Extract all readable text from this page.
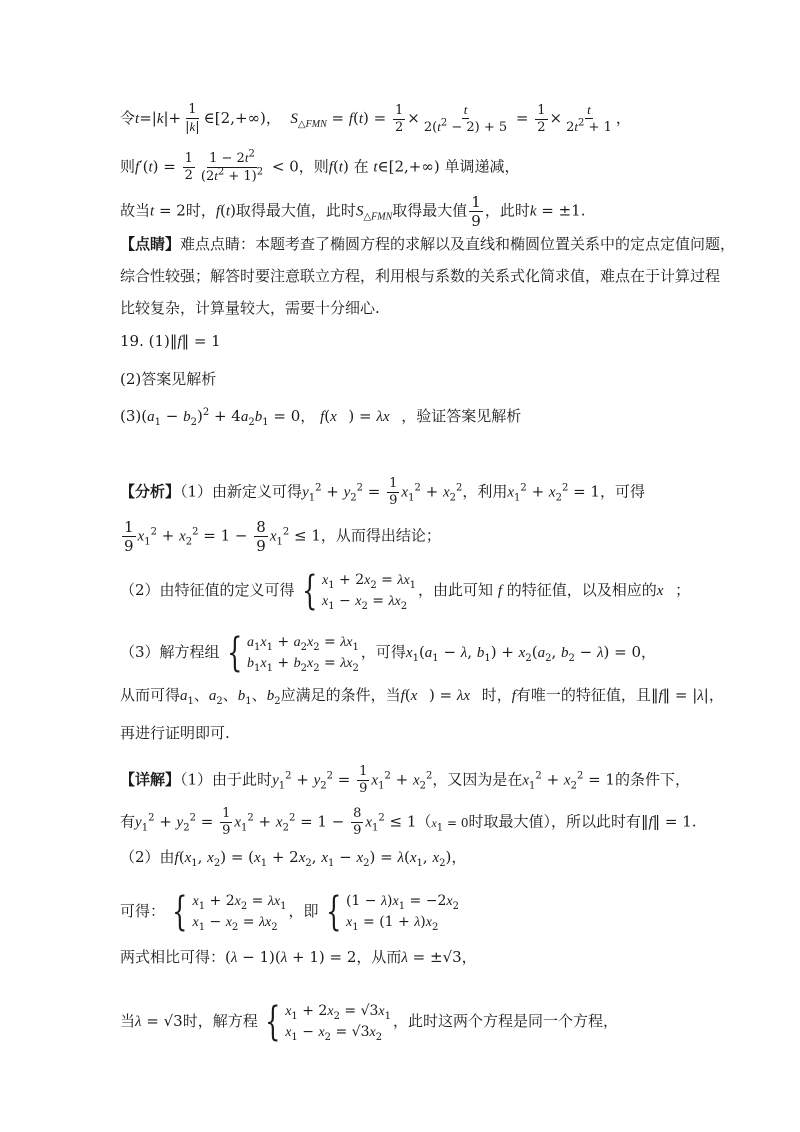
令$t=|k|+ \frac{1}{|k|}$ ∈[2,+∞)， $S_{\triangle FMN} = f(t) = \frac{1}{2} \times \frac{t}{2(t^2 - 2) + 5} = \frac{1}{2} \times \frac{t}{2t^2 + 1}$ ，
则$f'(t) = \frac{1}{2} \frac{1 - 2t^2}{(2t^2 + 1)^2} < 0$，则f(t) 在 t∈[2,+∞) 单调递减，
故当t = 2时，f(t)取得最大值，此时$S_{\triangle FMN}$取得最大值 $\frac{1}{9}$ ，此时k = ±1.
【点睛】难点点睛：本题考查了椭圆方程的求解以及直线和椭圆位置关系中的定点定值问题，
综合性较强；解答时要注意联立方程，利用根与系数的关系式化简求值，难点在于计算过程
比较复杂，计算量较大，需要十分细心.
19. (1)‖f‖ = 1
(2)答案见解析
$(3)(a_1 - b_2)^2 + 4a_2b_1 = 0$， f(x⃗) = λx⃗，验证答案见解析
【分析】（1）由新定义可得$y_1^2 + y_2^2 = \frac{1}{9} x_1^2 + x_2^2$，利用$x_1^2 + x_2^2 = 1$，可得
$\frac{1}{9} x_1^2 + x_2^2 = 1 - \frac{8}{9} x_1^2 \le 1$，从而得出结论；
（2）由特征值的定义可得 { $x_1 + 2x_2 = \lambda x_1$
$x_1 - x_2 = \lambda x_2$
，由此可知 f 的特征值，以及相应的x⃗；
（3）解方程组 { $a_1x_1 + a_2x_2 = \lambda x_1$
$b_1x_1 + b_2x_2 = \lambda x_2$
，可得$x_1(a_1 - \lambda$, $b_1) + x_2(a_2$, $b_2 - \lambda) = 0$，
从而可得$a_1$、$a_2$、$b_1$、$b_2$应满足的条件，当f(x⃗) = λx⃗时，f有唯一的特征值，且‖f‖ = |λ|，
再进行证明即可.
【详解】（1）由于此时$y_1^2 + y_2^2 = \frac{1}{9} x_1^2 + x_2^2$，又因为是在$x_1^2 + x_2^2 = 1$的条件下，
有$y_1^2 + y_2^2 = \frac{1}{9} x_1^2 + x_2^2 = 1 - \frac{8}{9} x_1^2 \le 1(x_1 = 0$时取最大值），所以此时有‖f‖ = 1.
（2）由$f(x_1$, $x_2) = (x_1 + 2x_2$, $x_1 - x_2) = \lambda(x_1$, $x_2$)，
可得： { $x_1 + 2x_2 = \lambda x_1$
$x_1 - x_2 = \lambda x_2$
，即 { $(1 - \lambda)x_1 = -2x_2$
$x_1 = (1 + \lambda)x_2$
两式相比可得：(λ − 1)(λ + 1) = 2，从而λ = ±√3，
当λ = √3时，解方程 { $x_1 + 2x_2 = √3x_1$
$x_1 - x_2 = √3x_2$
，此时这两个方程是同一个方程，
